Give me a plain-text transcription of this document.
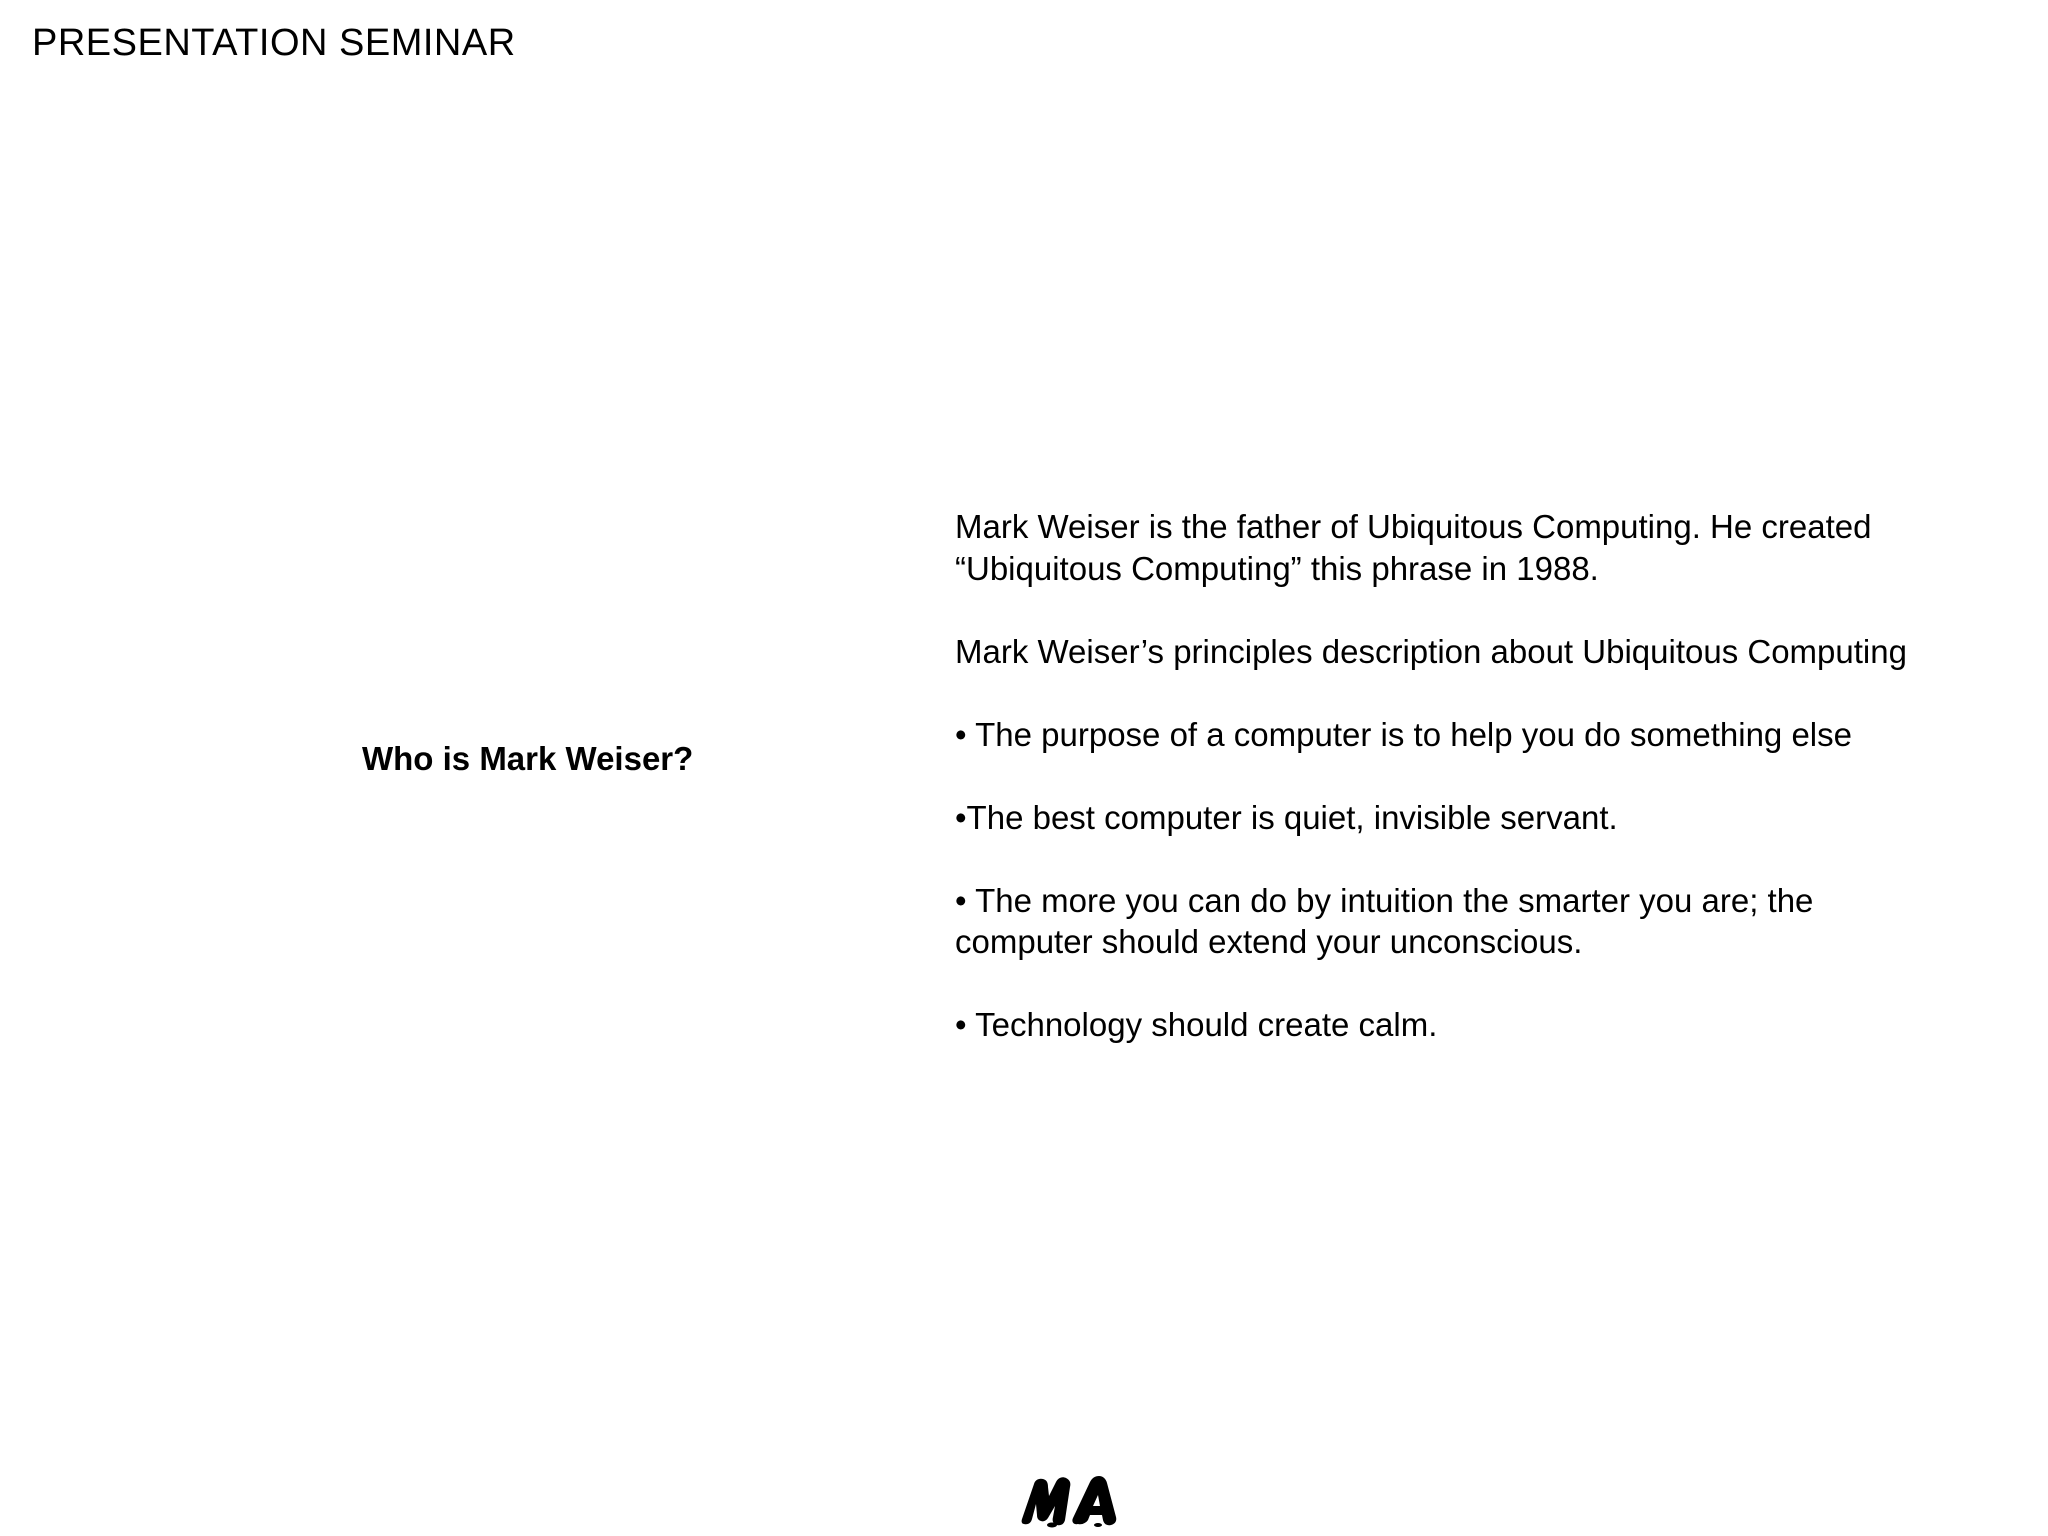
PRESENTATION SEMINAR
Who is Mark Weiser?

Mark Weiser is the father of Ubiquitous Computing. He created “Ubiquitous Computing” this phrase in 1988.

Mark Weiser’s principles description about Ubiquitous Computing

• The purpose of a computer is to help you do something else

•The best computer is quiet, invisible servant.

• The more you can do by intuition the smarter you are; the computer should extend your unconscious.

• Technology should create calm.
